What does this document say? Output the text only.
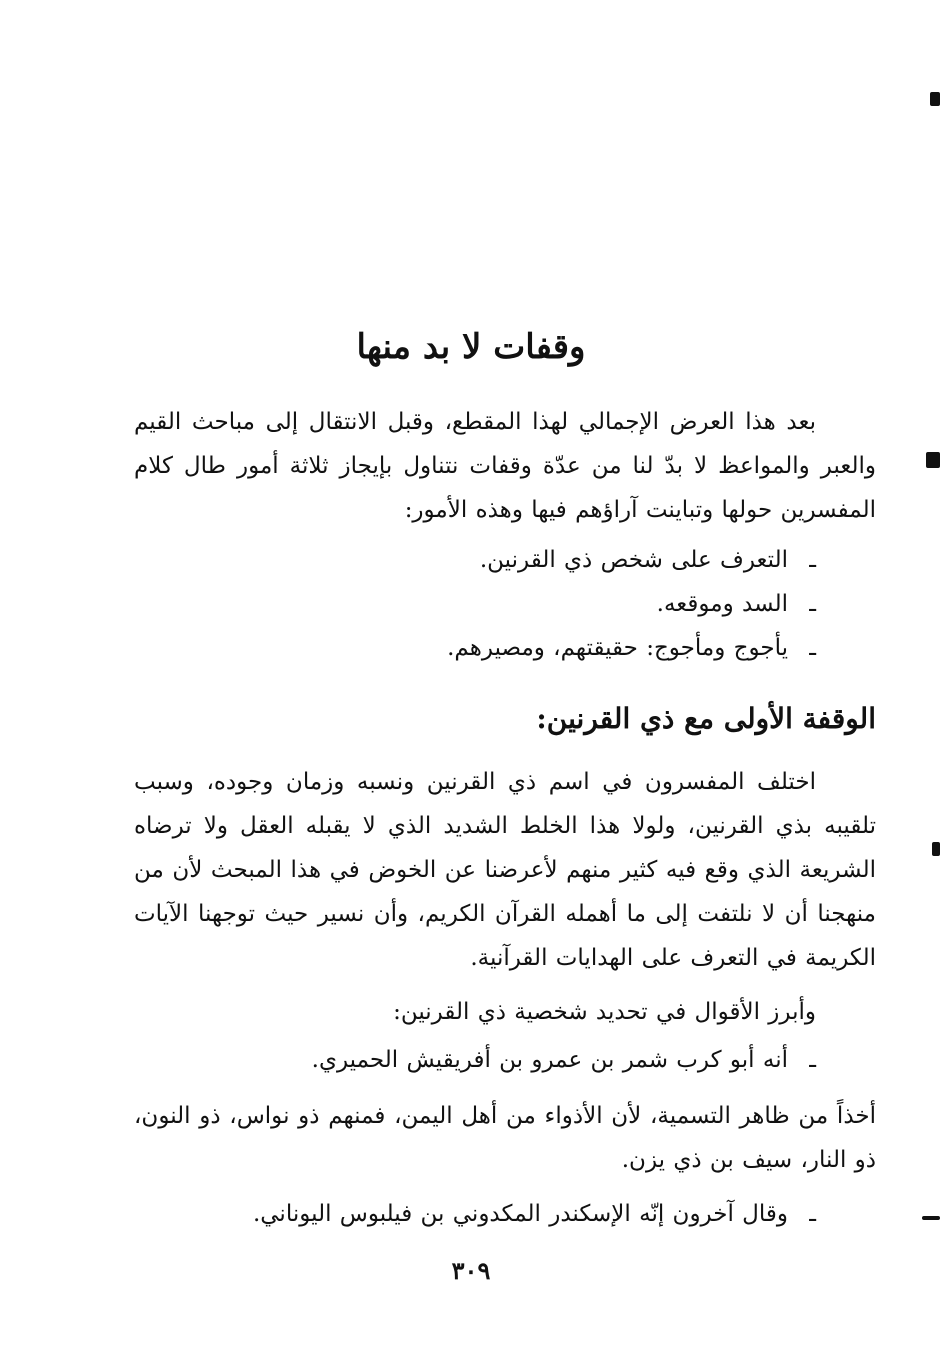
وقفات لا بد منها

بعد هذا العرض الإجمالي لهذا المقطع، وقبل الانتقال إلى مباحث القيم والعبر والمواعظ لا بدّ لنا من عدّة وقفات نتناول بإيجاز ثلاثة أمور طال كلام المفسرين حولها وتباينت آراؤهم فيها وهذه الأمور:

ـالتعرف على شخص ذي القرنين.

ـالسد وموقعه.

ـيأجوج ومأجوج: حقيقتهم، ومصيرهم.

الوقفة الأولى مع ذي القرنين:

اختلف المفسرون في اسم ذي القرنين ونسبه وزمان وجوده، وسبب تلقيبه بذي القرنين، ولولا هذا الخلط الشديد الذي لا يقبله العقل ولا ترضاه الشريعة الذي وقع فيه كثير منهم لأعرضنا عن الخوض في هذا المبحث لأن من منهجنا أن لا نلتفت إلى ما أهمله القرآن الكريم، وأن نسير حيث توجهنا الآيات الكريمة في التعرف على الهدايات القرآنية.

وأبرز الأقوال في تحديد شخصية ذي القرنين:

ـأنه أبو كرب شمر بن عمرو بن أفريقيش الحميري.

أخذاً من ظاهر التسمية، لأن الأذواء من أهل اليمن، فمنهم ذو نواس، ذو النون، ذو النار، سيف بن ذي يزن.

ـوقال آخرون إنّه الإسكندر المكدوني بن فيلبوس اليوناني.

٣٠٩
